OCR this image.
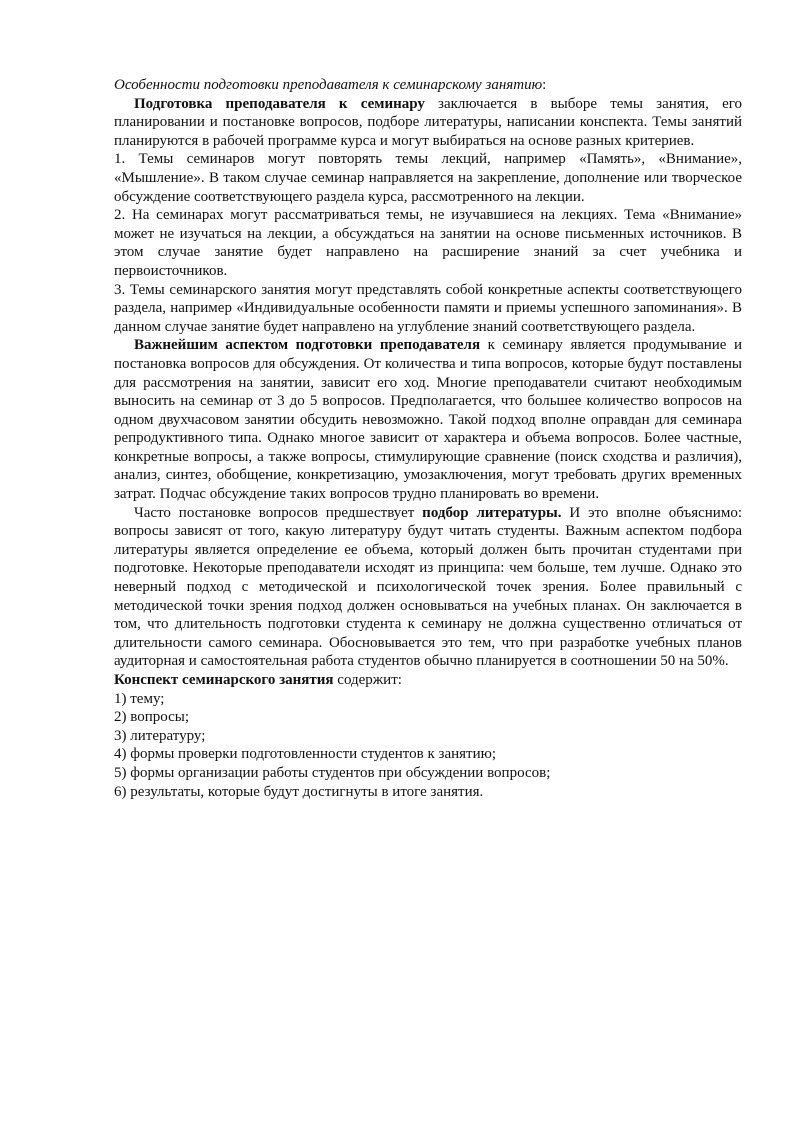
Особенности подготовки преподавателя к семинарскому занятию:

Подготовка преподавателя к семинару заключается в выборе темы занятия, его планировании и постановке вопросов, подборе литературы, написании конспекта. Темы занятий планируются в рабочей программе курса и могут выбираться на основе разных критериев.

1. Темы семинаров могут повторять темы лекций, например «Память», «Внимание», «Мышление». В таком случае семинар направляется на закрепление, дополнение или творческое обсуждение соответствующего раздела курса, рассмотренного на лекции.

2. На семинарах могут рассматриваться темы, не изучавшиеся на лекциях. Тема «Внимание» может не изучаться на лекции, а обсуждаться на занятии на основе письменных источников. В этом случае занятие будет направлено на расширение знаний за счет учебника и первоисточников.

3. Темы семинарского занятия могут представлять собой конкретные аспекты соответствующего раздела, например «Индивидуальные особенности памяти и приемы успешного запоминания». В данном случае занятие будет направлено на углубление знаний соответствующего раздела.

Важнейшим аспектом подготовки преподавателя к семинару является продумывание и постановка вопросов для обсуждения. От количества и типа вопросов, которые будут поставлены для рассмотрения на занятии, зависит его ход. Многие преподаватели считают необходимым выносить на семинар от 3 до 5 вопросов. Предполагается, что большее количество вопросов на одном двухчасовом занятии обсудить невозможно. Такой подход вполне оправдан для семинара репродуктивного типа. Однако многое зависит от характера и объема вопросов. Более частные, конкретные вопросы, а также вопросы, стимулирующие сравнение (поиск сходства и различия), анализ, синтез, обобщение, конкретизацию, умозаключения, могут требовать других временных затрат. Подчас обсуждение таких вопросов трудно планировать во времени.

Часто постановке вопросов предшествует подбор литературы. И это вполне объяснимо: вопросы зависят от того, какую литературу будут читать студенты. Важным аспектом подбора литературы является определение ее объема, который должен быть прочитан студентами при подготовке. Некоторые преподаватели исходят из принципа: чем больше, тем лучше. Однако это неверный подход с методической и психологической точек зрения. Более правильный с методической точки зрения подход должен основываться на учебных планах. Он заключается в том, что длительность подготовки студента к семинару не должна существенно отличаться от длительности самого семинара. Обосновывается это тем, что при разработке учебных планов аудиторная и самостоятельная работа студентов обычно планируется в соотношении 50 на 50%.

Конспект семинарского занятия содержит:

1) тему;
2) вопросы;
3) литературу;
4) формы проверки подготовленности студентов к занятию;
5) формы организации работы студентов при обсуждении вопросов;
6) результаты, которые будут достигнуты в итоге занятия.
